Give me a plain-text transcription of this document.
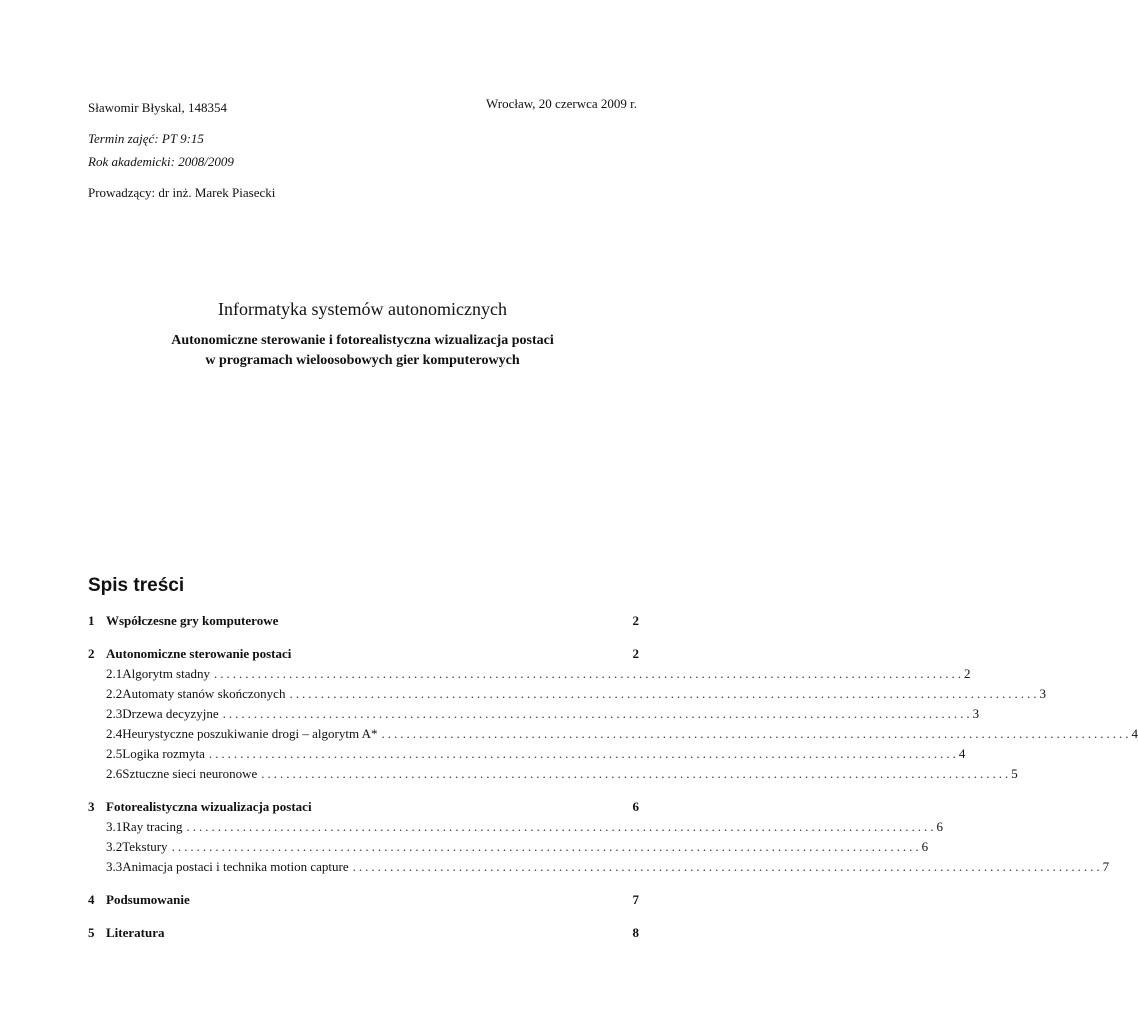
Sławomir Błyskal, 148354
Termin zajęć: PT 9:15
Rok akademicki: 2008/2009
Prowadzący: dr inż. Marek Piasecki
Wrocław, 20 czerwca 2009 r.
Informatyka systemów autonomicznych
Autonomiczne sterowanie i fotorealistyczna wizualizacja postaci
w programach wieloosobowych gier komputerowych
Spis treści
1 Współczesne gry komputerowe	2
2 Autonomiczne sterowanie postaci	2
2.1 Algorytm stadny ........................................................................................................................ 2
2.2 Automaty stanów skończonych ........................................................................................................................ 3
2.3 Drzewa decyzyjne ........................................................................................................................ 3
2.4 Heurystyczne poszukiwanie drogi – algorytm A* ........................................................................................................................ 4
2.5 Logika rozmyta ........................................................................................................................ 4
2.6 Sztuczne sieci neuronowe ........................................................................................................................ 5
3 Fotorealistyczna wizualizacja postaci	6
3.1 Ray tracing ........................................................................................................................ 6
3.2 Tekstury ........................................................................................................................ 6
3.3 Animacja postaci i technika motion capture ........................................................................................................................ 7
4 Podsumowanie	7
5 Literatura	8
